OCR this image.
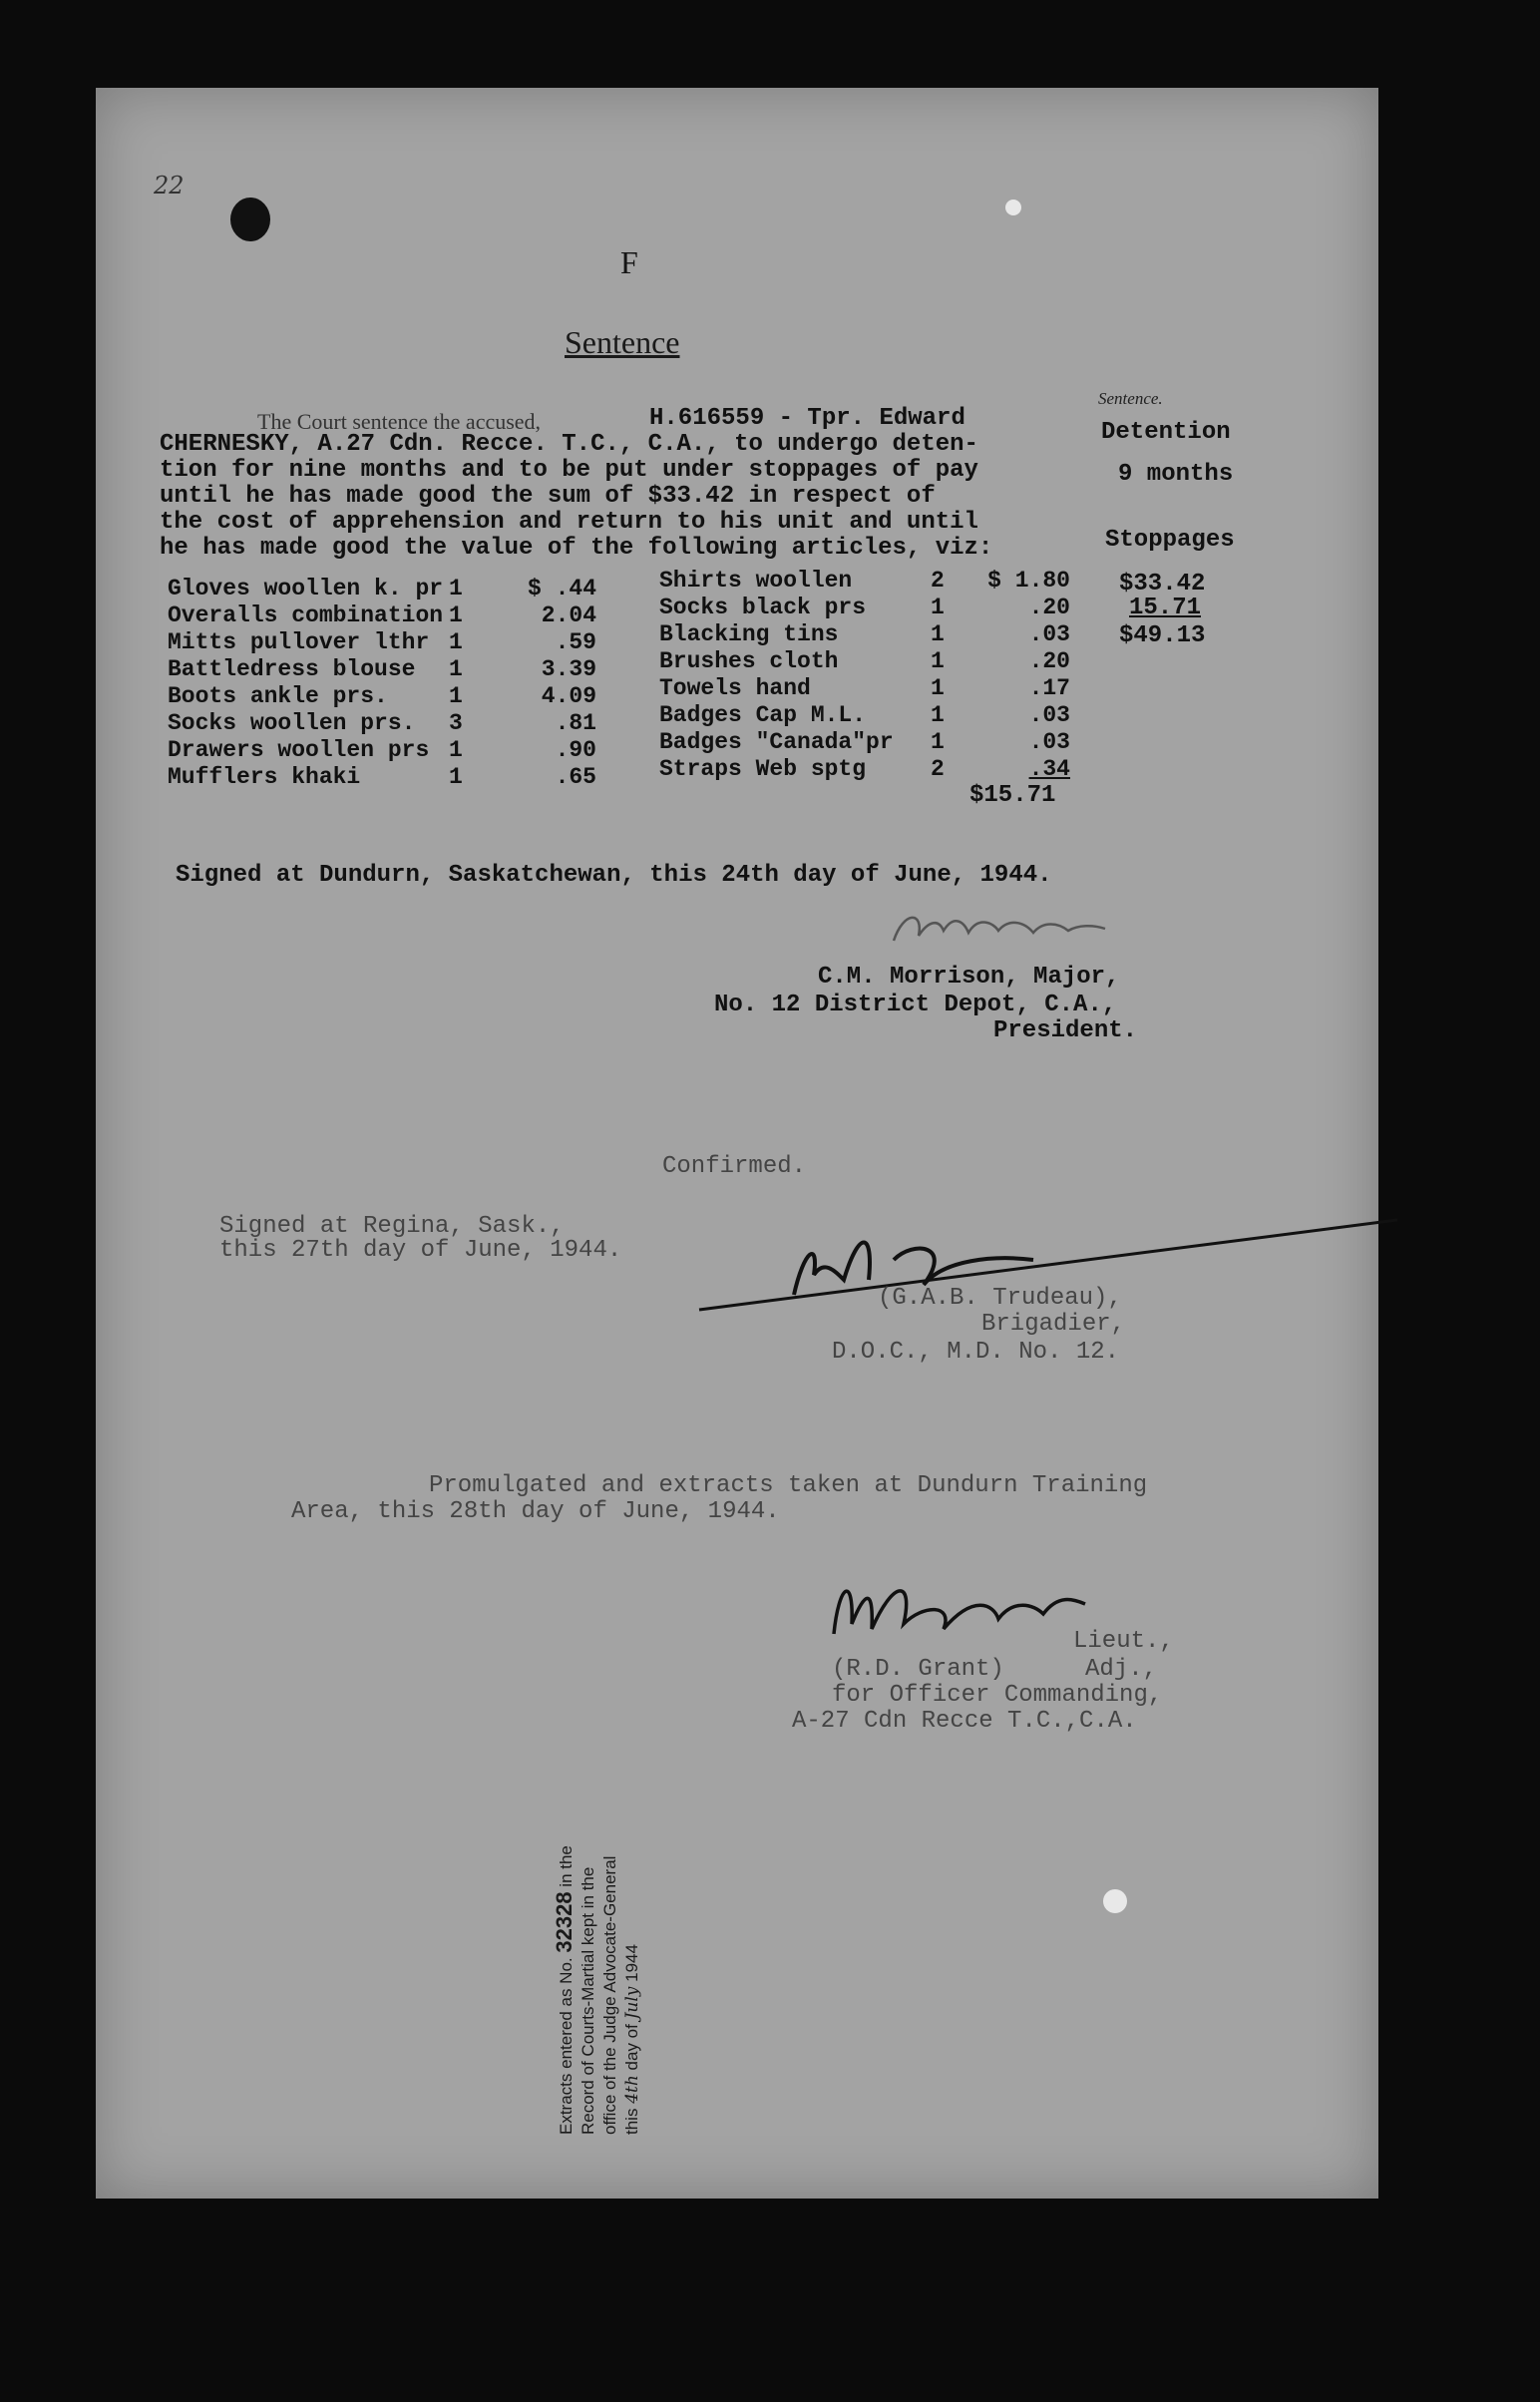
22
F
Sentence
The Court sentence the accused,	H.616559 - Tpr. Edward
CHERNESKY, A.27 Cdn. Recce. T.C., C.A., to undergo deten-
tion for nine months and to be put under stoppages of pay
until he has made good the sum of $33.42 in respect of
the cost of apprehension and return to his unit and until
he has made good the value of the following articles, viz:
Sentence.
Detention
9 months
Stoppages
$33.42
15.71
$49.13
Gloves woollen k. pr	1	$ .44
Overalls combination	1	2.04
Mitts pullover lthr	1	.59
Battledress blouse	1	3.39
Boots ankle prs.	1	4.09
Socks woollen prs.	3	.81
Drawers woollen prs	1	.90
Mufflers khaki	1	.65
Shirts woollen	2	$ 1.80
Socks black prs	1	.20
Blacking tins	1	.03
Brushes cloth	1	.20
Towels hand	1	.17
Badges Cap M.L.	1	.03
Badges "Canada"pr	1	.03
Straps Web sptg	2	.34
$15.71
Signed at Dundurn, Saskatchewan, this 24th day of June, 1944.
C.M. Morrison, Major,
No. 12 District Depot, C.A.,
President.
Confirmed.
Signed at Regina, Sask.,
this 27th day of June, 1944.
(G.A.B. Trudeau),
Brigadier,
D.O.C., M.D. No. 12.
Promulgated and extracts taken at Dundurn Training
Area, this 28th day of June, 1944.
Lieut.,
(R.D. Grant)	Adj.,
for Officer Commanding,
A-27 Cdn Recce T.C.,C.A.
Extracts entered as No. 32328 in the
Record of Courts-Martial kept in the office of the Judge Advocate-General this 4th day of July 1944
